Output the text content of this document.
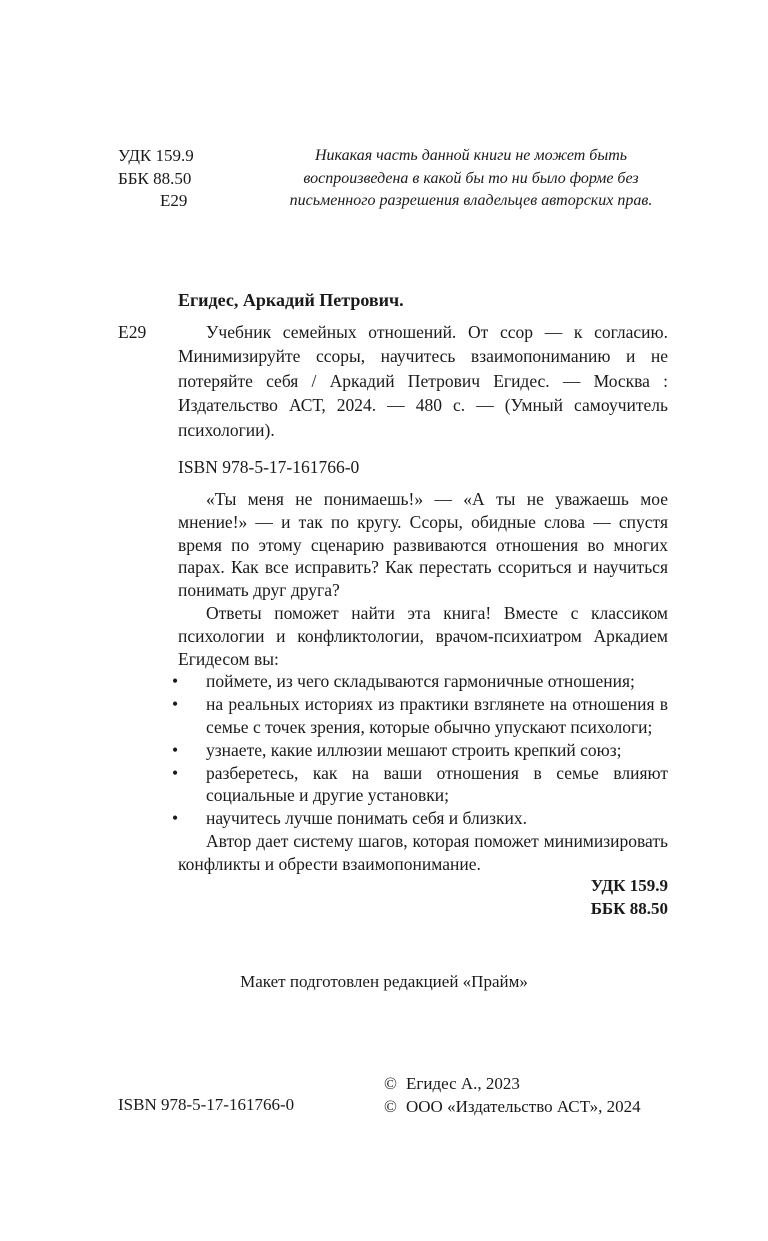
УДК 159.9
ББК 88.50
Е29
Никакая часть данной книги не может быть воспроизведена в какой бы то ни было форме без письменного разрешения владельцев авторских прав.
Егидес, Аркадий Петрович.
Е29	Учебник семейных отношений. От ссор — к согласию. Минимизируйте ссоры, научитесь взаимопониманию и не потеряйте себя / Аркадий Петрович Егидес. — Москва : Издательство АСТ, 2024. — 480 с. — (Умный самоучитель психологии).
ISBN 978-5-17-161766-0

«Ты меня не понимаешь!» — «А ты не уважаешь мое мнение!» — и так по кругу. Ссоры, обидные слова — спустя время по этому сценарию развиваются отношения во многих парах. Как все исправить? Как перестать ссориться и научиться понимать друг друга?

Ответы поможет найти эта книга! Вместе с классиком психологии и конфликтологии, врачом-психиатром Аркадием Егидесом вы:

• поймете, из чего складываются гармоничные отношения;
• на реальных историях из практики взглянете на отношения в семье с точек зрения, которые обычно упускают психологи;
• узнаете, какие иллюзии мешают строить крепкий союз;
• разберетесь, как на ваши отношения в семье влияют социальные и другие установки;
• научитесь лучше понимать себя и близких.

Автор дает систему шагов, которая поможет минимизировать конфликты и обрести взаимопонимание.

УДК 159.9
ББК 88.50
Макет подготовлен редакцией «Прайм»
ISBN 978-5-17-161766-0
© Егидес А., 2023
© ООО «Издательство АСТ», 2024
